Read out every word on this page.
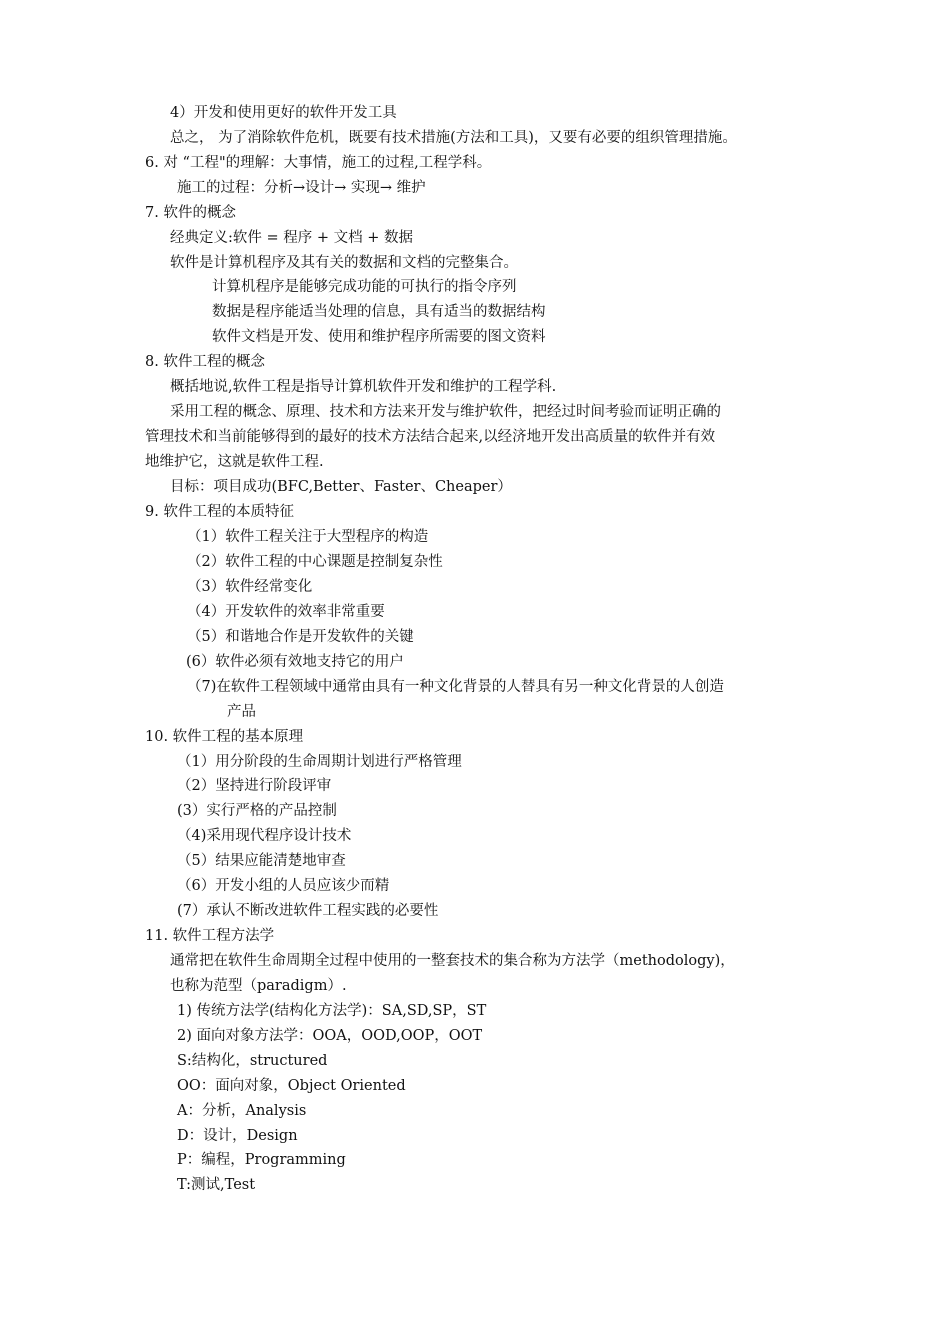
4）开发和使用更好的软件开发工具
总之， 为了消除软件危机，既要有技术措施(方法和工具)，又要有必要的组织管理措施。
6. 对 “工程"的理解：大事情，施工的过程,工程学科。
施工的过程：分析→设计→ 实现→ 维护
7. 软件的概念
经典定义:软件 = 程序 + 文档 + 数据
软件是计算机程序及其有关的数据和文档的完整集合。
计算机程序是能够完成功能的可执行的指令序列
数据是程序能适当处理的信息，具有适当的数据结构
软件文档是开发、使用和维护程序所需要的图文资料
8. 软件工程的概念
概括地说,软件工程是指导计算机软件开发和维护的工程学科.
采用工程的概念、原理、技术和方法来开发与维护软件，把经过时间考验而证明正确的
管理技术和当前能够得到的最好的技术方法结合起来,以经济地开发出高质量的软件并有效
地维护它，这就是软件工程.
目标：项目成功(BFC,Better、Faster、Cheaper）
9. 软件工程的本质特征
（1）软件工程关注于大型程序的构造
（2）软件工程的中心课题是控制复杂性
（3）软件经常变化
（4）开发软件的效率非常重要
（5）和谐地合作是开发软件的关键
(6）软件必须有效地支持它的用户
（7)在软件工程领域中通常由具有一种文化背景的人替具有另一种文化背景的人创造
产品
10. 软件工程的基本原理
（1）用分阶段的生命周期计划进行严格管理
（2）坚持进行阶段评审
(3）实行严格的产品控制
（4)采用现代程序设计技术
（5）结果应能清楚地审查
（6）开发小组的人员应该少而精
(7）承认不断改进软件工程实践的必要性
11. 软件工程方法学
通常把在软件生命周期全过程中使用的一整套技术的集合称为方法学（methodology)，
也称为范型（paradigm）.
1) 传统方法学(结构化方法学)：SA,SD,SP，ST
2) 面向对象方法学：OOA，OOD,OOP，OOT
S:结构化，structured
OO：面向对象，Object Oriented
A：分析，Analysis
D：设计，Design
P：编程，Programming
T:测试,Test
